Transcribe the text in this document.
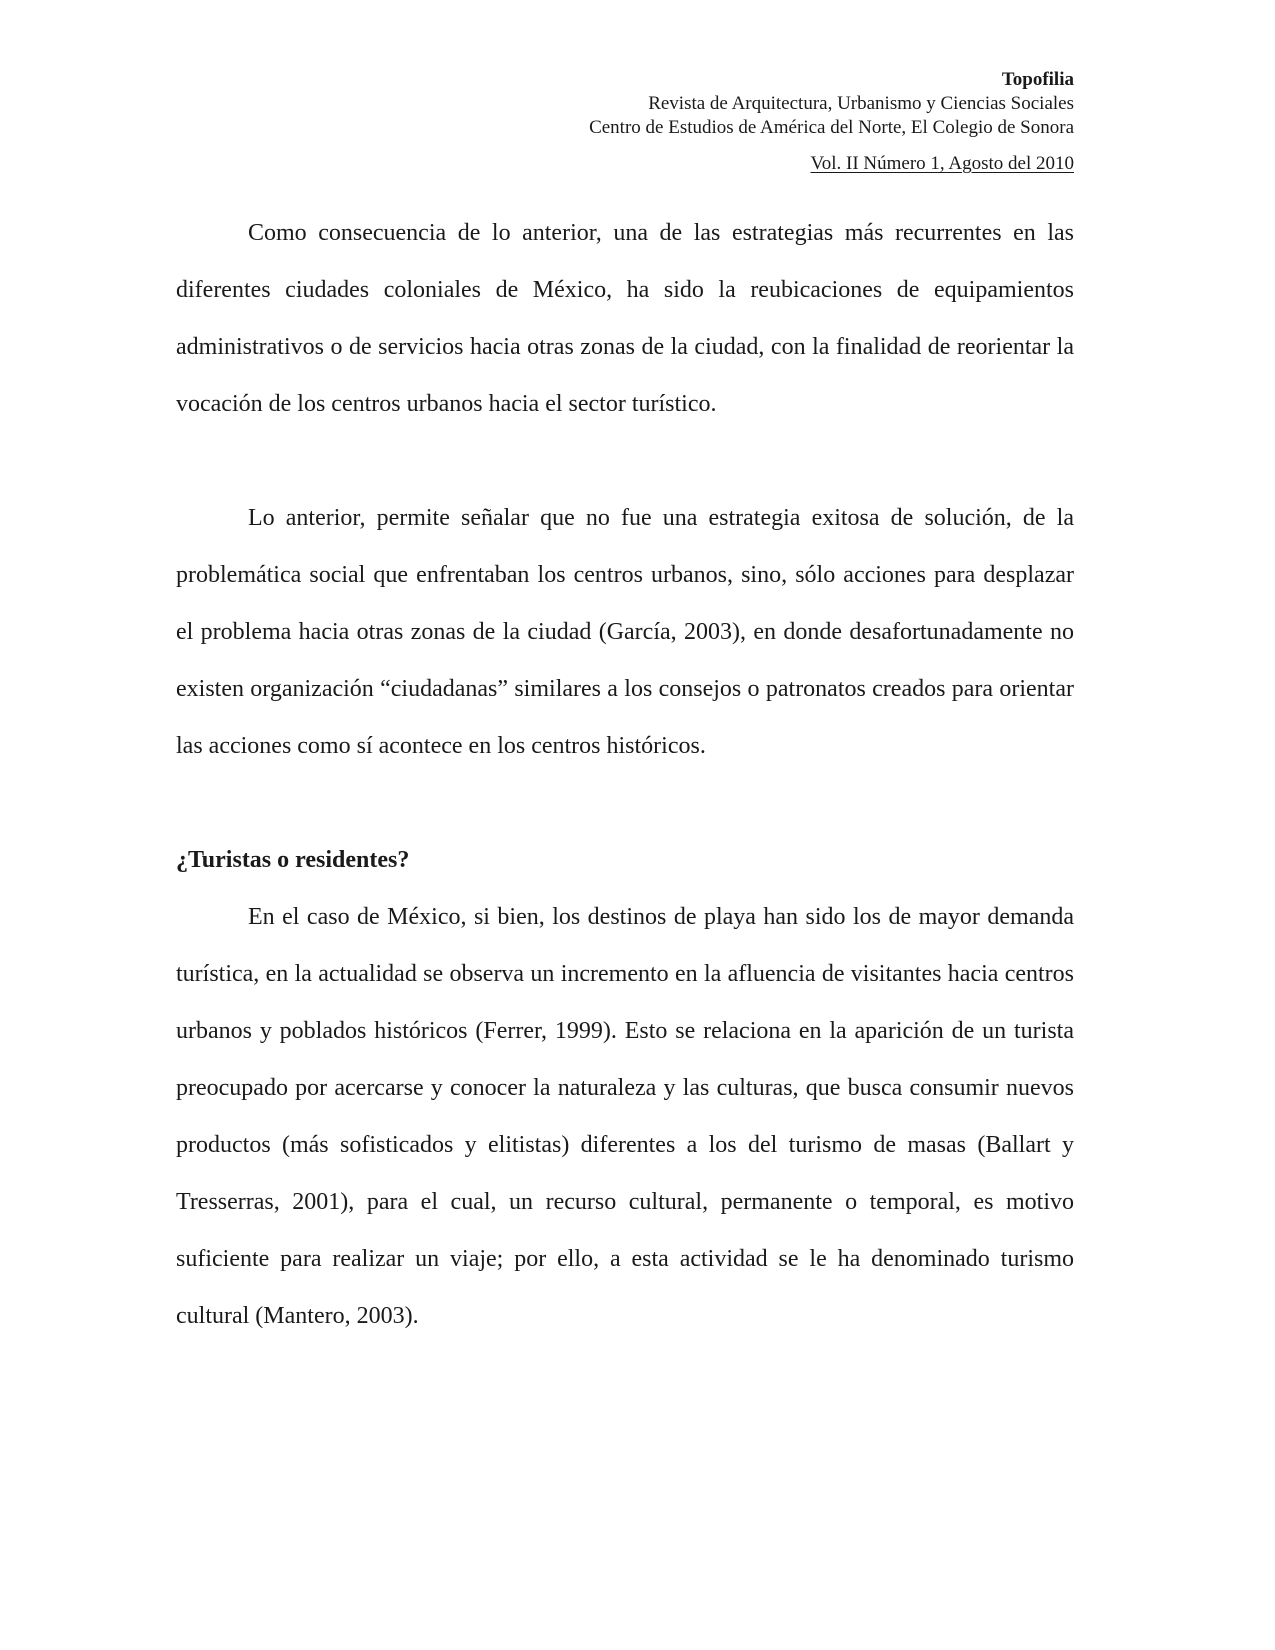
Topofilia
Revista de Arquitectura, Urbanismo y Ciencias Sociales
Centro de Estudios de América del Norte, El Colegio de Sonora
Vol. II Número 1, Agosto del 2010

Como consecuencia de lo anterior, una de las estrategias más recurrentes en las diferentes ciudades coloniales de México, ha sido la reubicaciones de equipamientos administrativos o de servicios hacia otras zonas de la ciudad, con la finalidad de reorientar la vocación de los centros urbanos hacia el sector turístico.

Lo anterior, permite señalar que no fue una estrategia exitosa de solución, de la problemática social que enfrentaban los centros urbanos, sino, sólo acciones para desplazar el problema hacia otras zonas de la ciudad (García, 2003), en donde desafortunadamente no existen organización “ciudadanas” similares a los consejos o patronatos creados para orientar las acciones como sí acontece en los centros históricos.

¿Turistas o residentes?

En el caso de México, si bien, los destinos de playa han sido los de mayor demanda turística, en la actualidad se observa un incremento en la afluencia de visitantes hacia centros urbanos y poblados históricos (Ferrer, 1999). Esto se relaciona en la aparición de un turista preocupado por acercarse y conocer la naturaleza y las culturas, que busca consumir nuevos productos (más sofisticados y elitistas) diferentes a los del turismo de masas (Ballart y Tresserras, 2001), para el cual, un recurso cultural, permanente o temporal, es motivo suficiente para realizar un viaje; por ello, a esta actividad se le ha denominado turismo cultural (Mantero, 2003).
